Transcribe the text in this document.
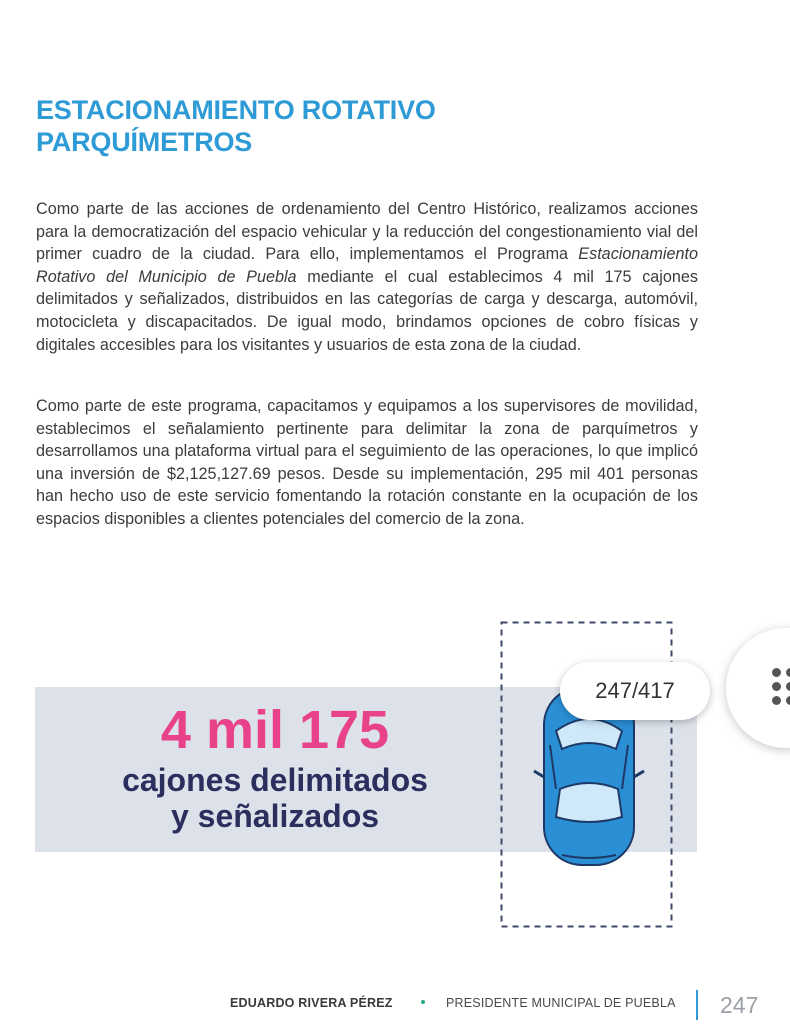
ESTACIONAMIENTO ROTATIVO
PARQUÍMETROS

Como parte de las acciones de ordenamiento del Centro Histórico, realizamos acciones para la democratización del espacio vehicular y la reducción del congestionamiento vial del primer cuadro de la ciudad. Para ello, implementamos el Programa Estacionamiento Rotativo del Municipio de Puebla mediante el cual establecimos 4 mil 175 cajones delimitados y señalizados, distribuidos en las categorías de carga y descarga, automóvil, motocicleta y discapacitados. De igual modo, brindamos opciones de cobro físicas y digitales accesibles para los visitantes y usuarios de esta zona de la ciudad.

Como parte de este programa, capacitamos y equipamos a los supervisores de movilidad, establecimos el señalamiento pertinente para delimitar la zona de parquímetros y desarrollamos una plataforma virtual para el seguimiento de las operaciones, lo que implicó una inversión de $2,125,127.69 pesos. Desde su implementación, 295 mil 401 personas han hecho uso de este servicio fomentando la rotación constante en la ocupación de los espacios disponibles a clientes potenciales del comercio de la zona.

4 mil 175
cajones delimitados
y señalizados
247/417
EDUARDO RIVERA PÉREZ	PRESIDENTE MUNICIPAL DE PUEBLA 247
